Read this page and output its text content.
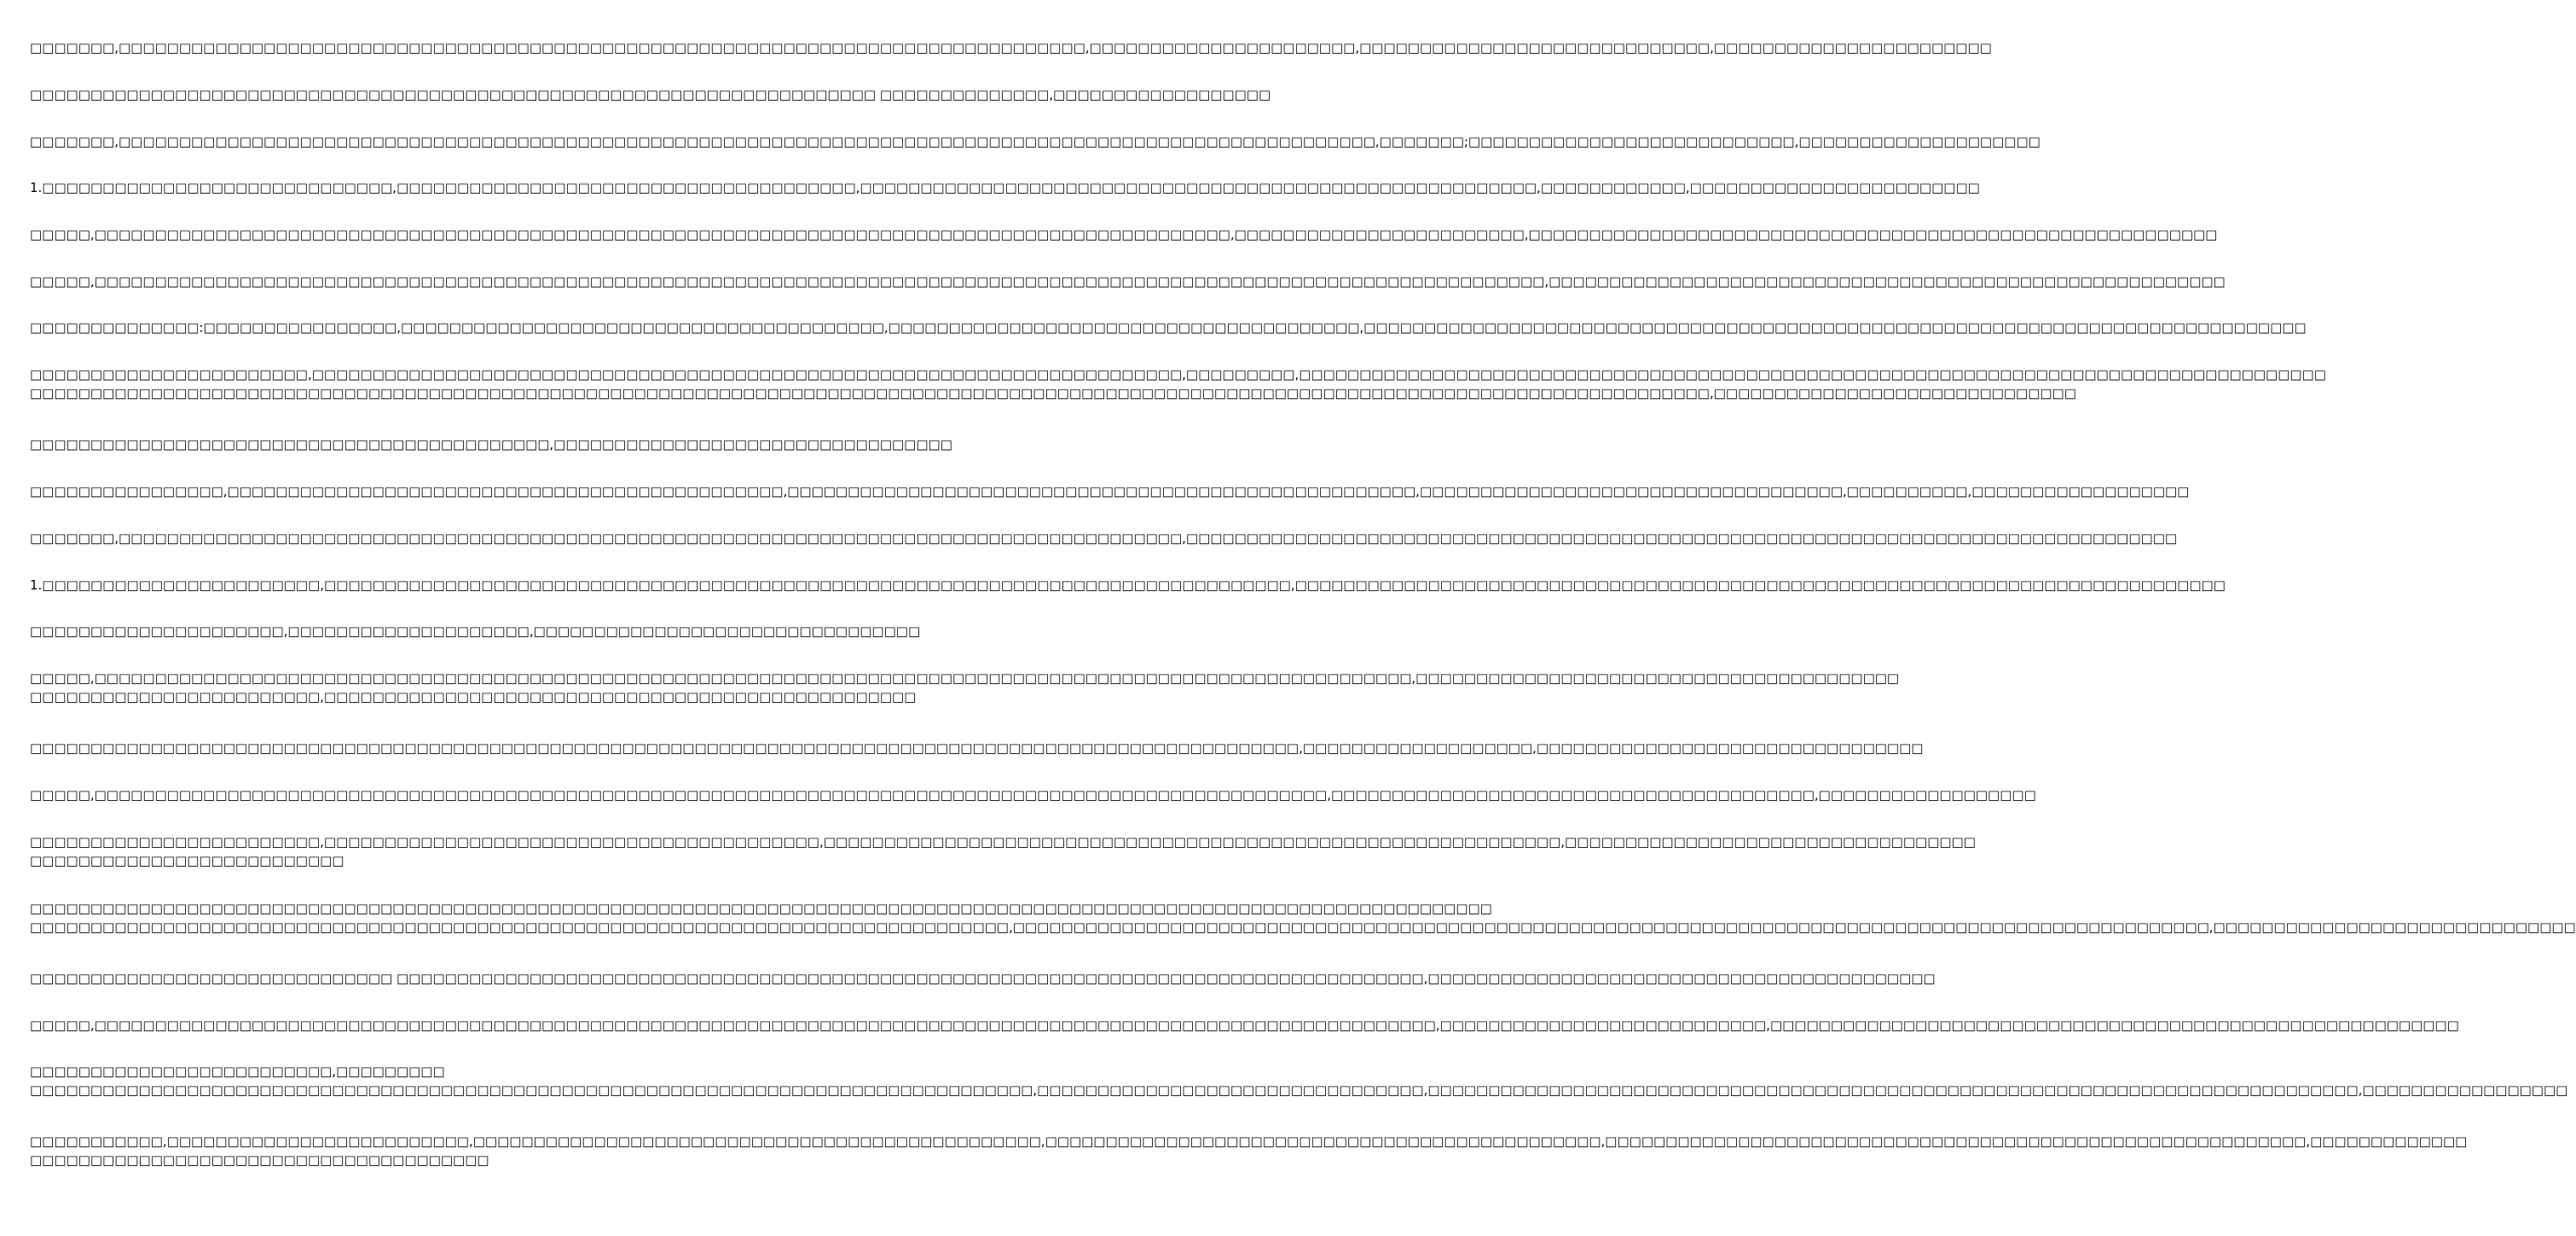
□□□□□□□,□□□□□□□□□□□□□□□□□□□□□□□□□□□□□□□□□□□□□□□□□□□□□□□□□□□□□□□□□□□□□□□□□□□□□□□□□□□□□□□□,□□□□□□□□□□□□□□□□□□□□□□,□□□□□□□□□□□□□□□□□□□□□□□□□□□□□,□□□□□□□□□□□□□□□□□□□□□□□

□□□□□□□□□□□□□□□□□□□□□□□□□□□□□□□□□□□□□□□□□□□□□□□□□□□□□□□□□□□□□□□□□□□□□□ □□□□□□□□□□□□□□,□□□□□□□□□□□□□□□□□□

□□□□□□□,□□□□□□□□□□□□□□□□□□□□□□□□□□□□□□□□□□□□□□□□□□□□□□□□□□□□□□□□□□□□□□□□□□□□□□□□□□□□□□□□□□□□□□□□□□□□□□□□□□□□□□□□,□□□□□□□;□□□□□□□□□□□□□□□□□□□□□□□□□□□,□□□□□□□□□□□□□□□□□□□□

1.□□□□□□□□□□□□□□□□□□□□□□□□□□□□□,□□□□□□□□□□□□□□□□□□□□□□□□□□□□□□□□□□□□□□,□□□□□□□□□□□□□□□□□□□□□□□□□□□□□□□□□□□□□□□□□□□□□□□□□□□□□□□□,□□□□□□□□□□□□,□□□□□□□□□□□□□□□□□□□□□□□□

□□□□□,□□□□□□□□□□□□□□□□□□□□□□□□□□□□□□□□□□□□□□□□□□□□□□□□□□□□□□□□□□□□□□□□□□□□□□□□□□□□□□□□□□□□□□□□□□□□□□,□□□□□□□□□□□□□□□□□□□□□□□□,□□□□□□□□□□□□□□□□□□□□□□□□□□□□□□□□□□□□□□□□□□□□□□□□□□□□□□□□□

□□□□□,□□□□□□□□□□□□□□□□□□□□□□□□□□□□□□□□□□□□□□□□□□□□□□□□□□□□□□□□□□□□□□□□□□□□□□□□□□□□□□□□□□□□□□□□□□□□□□□□□□□□□□□□□□□□□□□□□□□□□□□□,□□□□□□□□□□□□□□□□□□□□□□□□□□□□□□□□□□□□□□□□□□□□□□□□□□□□□□□□

□□□□□□□□□□□□□□:□□□□□□□□□□□□□□□□,□□□□□□□□□□□□□□□□□□□□□□□□□□□□□□□□□□□□□□□□,□□□□□□□□□□□□□□□□□□□□□□□□□□□□□□□□□□□□□□□,□□□□□□□□□□□□□□□□□□□□□□□□□□□□□□□□□□□□□□□□□□□□□□□□□□□□□□□□□□□□□□□□□□□□□□□□□□□□□□

□□□□□□□□□□□□□□□□□□□□□□□,□□□□□□□□□□□□□□□□□□□□□□□□□□□□□□□□□□□□□□□□□□□□□□□□□□□□□□□□□□□□□□□□□□□□□□□□,□□□□□□□□□,□□□□□□□□□□□□□□□□□□□□□□□□□□□□□□□□□□□□□□□□□□□□□□□□□□□□□□□□□□□□□□□□□□□□□□□□□□□□□□□□□□□□□
□□□□□□□□□□□□□□□□□□□□□□□□□□□□□□□□□□□□□□□□□□□□□□□□□□□□□□□□□□□□□□□□□□□□□□□□□□□□□□□□□□□□□□□□□□□□□□□□□□□□□□□□□□□□□□□□□□□□□□□□□□□□□□□□□□□□□□□□□□□,□□□□□□□□□□□□□□□□□□□□□□□□□□□□□□

□□□□□□□□□□□□□□□□□□□□□□□□□□□□□□□□□□□□□□□□□□□,□□□□□□□□□□□□□□□□□□□□□□□□□□□□□□□□□

□□□□□□□□□□□□□□□□,□□□□□□□□□□□□□□□□□□□□□□□□□□□□□□□□□□□□□□□□□□□□□□,□□□□□□□□□□□□□□□□□□□□□□□□□□□□□□□□□□□□□□□□□□□□□□□□□□□□,□□□□□□□□□□□□□□□□□□□□□□□□□□□□□□□□□□□,□□□□□□□□□□,□□□□□□□□□□□□□□□□□□

□□□□□□□,□□□□□□□□□□□□□□□□□□□□□□□□□□□□□□□□□□□□□□□□□□□□□□□□□□□□□□□□□□□□□□□□□□□□□□□□□□□□□□□□□□□□□□□□,□□□□□□□□□□□□□□□□□□□□□□□□□□□□□□□□□□□□□□□□□□□□□□□□□□□□□□□□□□□□□□□□□□□□□□□□□□□□□□□□□□

1.□□□□□□□□□□□□□□□□□□□□□□□,□□□□□□□□□□□□□□□□□□□□□□□□□□□□□□□□□□□□□□□□□□□□□□□□□□□□□□□□□□□□□□□□□□□□□□□□□□□□□□□□,□□□□□□□□□□□□□□□□□□□□□□□□□□□□□□□□□□□□□□□□□□□□□□□□□□□□□□□□□□□□□□□□□□□□□□□□□□□□□

□□□□□□□□□□□□□□□□□□□□□,□□□□□□□□□□□□□□□□□□□□,□□□□□□□□□□□□□□□□□□□□□□□□□□□□□□□□

□□□□□,□□□□□□□□□□□□□□□□□□□□□□□□□□□□□□□□□□□□□□□□□□□□□□□□□□□□□□□□□□□□□□□□□□□□□□□□□□□□□□□□□□□□□□□□□□□□□□□□□□□□□□□□□□□□□,□□□□□□□□□□□□□□□□□□□□□□□□□□□□□□□□□□□□□□□□
□□□□□□□□□□□□□□□□□□□□□□□□,□□□□□□□□□□□□□□□□□□□□□□□□□□□□□□□□□□□□□□□□□□□□□□□□□

□□□□□□□□□□□□□□□□□□□□□□□□□□□□□□□□□□□□□□□□□□□□□□□□□□□□□□□□□□□□□□□□□□□□□□□□□□□□□□□□□□□□□□□□□□□□□□□□□□□□□□□□□,□□□□□□□□□□□□□□□□□□□,□□□□□□□□□□□□□□□□□□□□□□□□□□□□□□□□

□□□□□,□□□□□□□□□□□□□□□□□□□□□□□□□□□□□□□□□□□□□□□□□□□□□□□□□□□□□□□□□□□□□□□□□□□□□□□□□□□□□□□□□□□□□□□□□□□□□□□□□□□□□□,□□□□□□□□□□□□□□□□□□□□□□□□□□□□□□□□□□□□□□□□,□□□□□□□□□□□□□□□□□□

□□□□□□□□□□□□□□□□□□□□□□□□,□□□□□□□□□□□□□□□□□□□□□□□□□□□□□□□□□□□□□□□□□,□□□□□□□□□□□□□□□□□□□□□□□□□□□□□□□□□□□□□□□□□□□□□□□□□□□□□□□□□□□□□,□□□□□□□□□□□□□□□□□□□□□□□□□□□□□□□□□□
□□□□□□□□□□□□□□□□□□□□□□□□□□

□□□□□□□□□□□□□□□□□□□□□□□□□□□□□□□□□□□□□□□□□□□□□□□□□□□□□□□□□□□□□□□□□□□□□□□□□□□□□□□□□□□□□□□□□□□□□□□□□□□□□□□□□□□□□□□□□□□□□□□□□
□□□□□□□□□□□□□□□□□□□□□□□□□□□□□□□□□□□□□□□□□□□□□□□□□□□□□□□□□□□□□□□□□□□□□□□□□□□□□□□□□,□□□□□□□□□□□□□□□□□□□□□□□□□□□□□□□□□□□□□□□□□□□□□□□□□□□□□□□□□□□□□□□□□□□□□□□□□□□□□□□□□□□□□□□□□□□□□□□□□□□,□□□□□□□□□□□□□□□□□□□□□□□□□□□□□□

□□□□□□□□□□□□□□□□□□□□□□□□□□□□□□ □□□□□□□□□□□□□□□□□□□□□□□□□□□□□□□□□□□□□□□□□□□□□□□□□□□□□□□□□□□□□□□□□□□□□□□□□□□□□□□□□□□□□,□□□□□□□□□□□□□□□□□□□□□□□□□□□□□□□□□□□□□□□□□□

□□□□□,□□□□□□□□□□□□□□□□□□□□□□□□□□□□□□□□□□□□□□□□□□□□□□□□□□□□□□□□□□□□□□□□□□□□□□□□□□□□□□□□□□□□□□□□□□□□□□□□□□□□□□□□□□□□□□□,□□□□□□□□□□□□□□□□□□□□□□□□□□□,□□□□□□□□□□□□□□□□□□□□□□□□□□□□□□□□□□□□□□□□□□□□□□□□□□□□□□□□□

□□□□□□□□□□□□□□□□□□□□□□□□□,□□□□□□□□□
□□□□□□□□□□□□□□□□□□□□□□□□□□□□□□□□□□□□□□□□□□□□□□□□□□□□□□□□□□□□□□□□□□□□□□□□□□□□□□□□□□□,□□□□□□□□□□□□□□□□□□□□□□□□□□□□□□□□,□□□□□□□□□□□□□□□□□□□□□□□□□□□□□□□□□□□□□□□□□□□□□□□□□□□□□□□□□□□□□□□□□□□□□□□□□□□□□,□□□□□□□□□□□□□□□□□

□□□□□□□□□□□,□□□□□□□□□□□□□□□□□□□□□□□□□,□□□□□□□□□□□□□□□□□□□□□□□□□□□□□□□□□□□□□□□□□□□□□□□,□□□□□□□□□□□□□□□□□□□□□□□□□□□□□□□□□□□□□□□□□□□□□□,□□□□□□□□□□□□□□□□□□□□□□□□□□□□□□□□□□□□□□□□□□□□□□□□□□□□□□□□□□,□□□□□□□□□□□□□
□□□□□□□□□□□□□□□□□□□□□□□□□□□□□□□□□□□□□□
